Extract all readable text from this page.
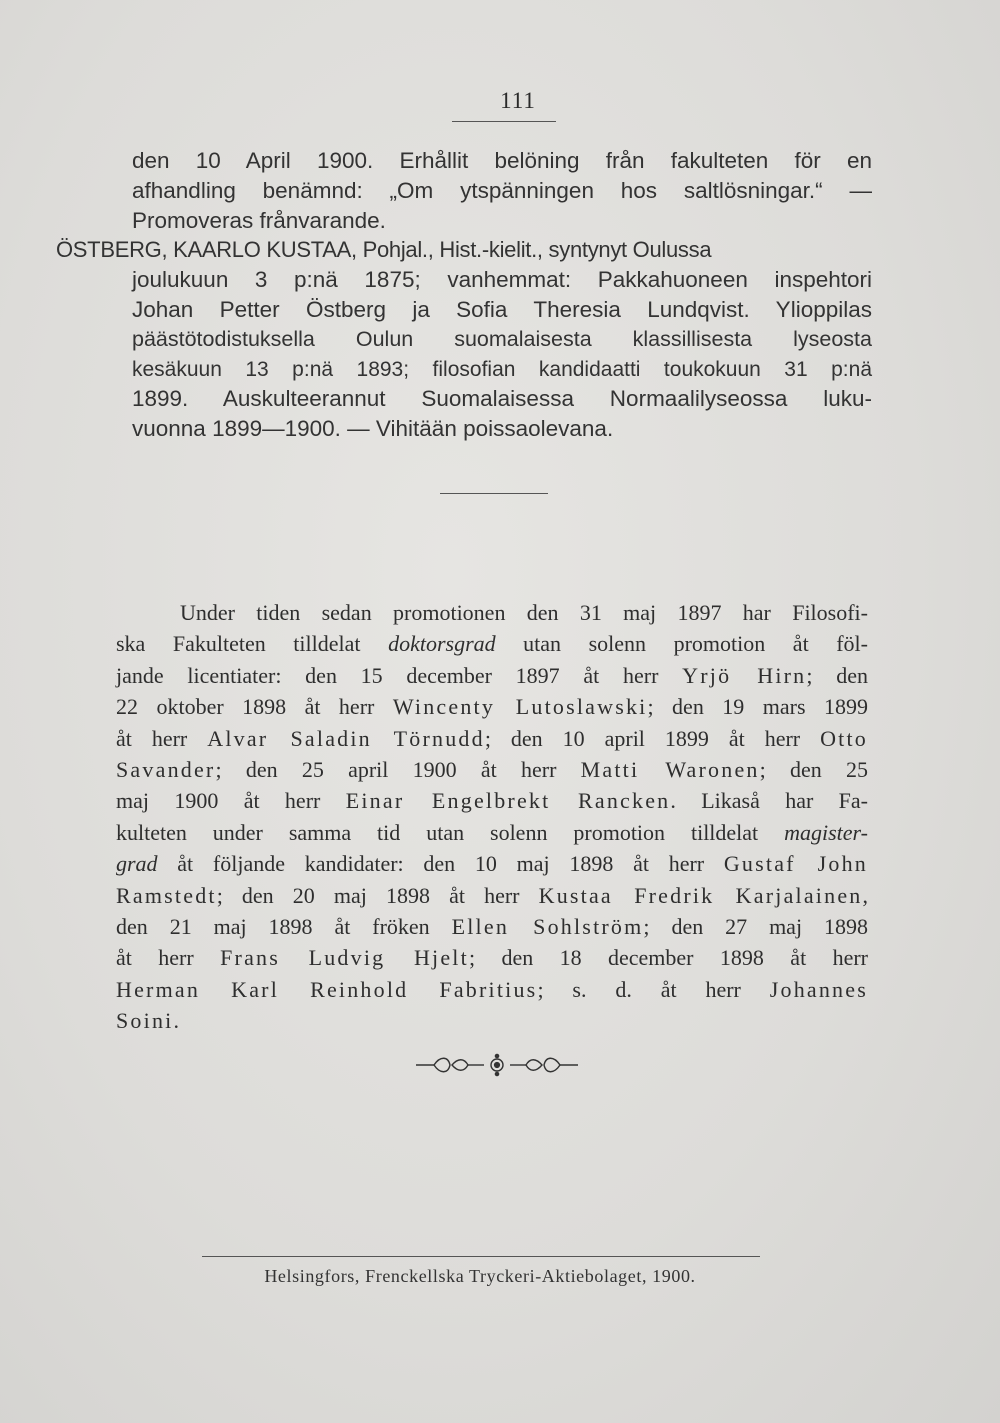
111
den 10 April 1900. Erhållit belöning från fakulteten för en
afhandling benämnd: „Om ytspänningen hos saltlösningar.“ —
Promoveras frånvarande.
ÖSTBERG, KAARLO KUSTAA, Pohjal., Hist.-kielit., syntynyt Oulussa
joulukuun 3 p:nä 1875; vanhemmat: Pakkahuoneen inspehtori
Johan Petter Östberg ja Sofia Theresia Lundqvist. Ylioppilas
päästötodistuksella Oulun suomalaisesta klassillisesta lyseosta
kesäkuun 13 p:nä 1893; filosofian kandidaatti toukokuun 31 p:nä
1899. Auskulteerannut Suomalaisessa Normaalilyseossa luku-
vuonna 1899—1900. — Vihitään poissaolevana.
Under tiden sedan promotionen den 31 maj 1897 har Filosofi-
ska Fakulteten tilldelat doktorsgrad utan solenn promotion åt föl-
jande licentiater: den 15 december 1897 åt herr Yrjö Hirn; den
22 oktober 1898 åt herr Wincenty Lutoslawski; den 19 mars 1899
åt herr Alvar Saladin Törnudd; den 10 april 1899 åt herr Otto
Savander; den 25 april 1900 åt herr Matti Waronen; den 25
maj 1900 åt herr Einar Engelbrekt Rancken. Likaså har Fa-
kulteten under samma tid utan solenn promotion tilldelat magister-
grad åt följande kandidater: den 10 maj 1898 åt herr Gustaf John
Ramstedt; den 20 maj 1898 åt herr Kustaa Fredrik Karjalainen,
den 21 maj 1898 åt fröken Ellen Sohlström; den 27 maj 1898
åt herr Frans Ludvig Hjelt; den 18 december 1898 åt herr
Herman Karl Reinhold Fabritius; s. d. åt herr Johannes
Soini.
Helsingfors, Frenckellska Tryckeri-Aktiebolaget, 1900.
